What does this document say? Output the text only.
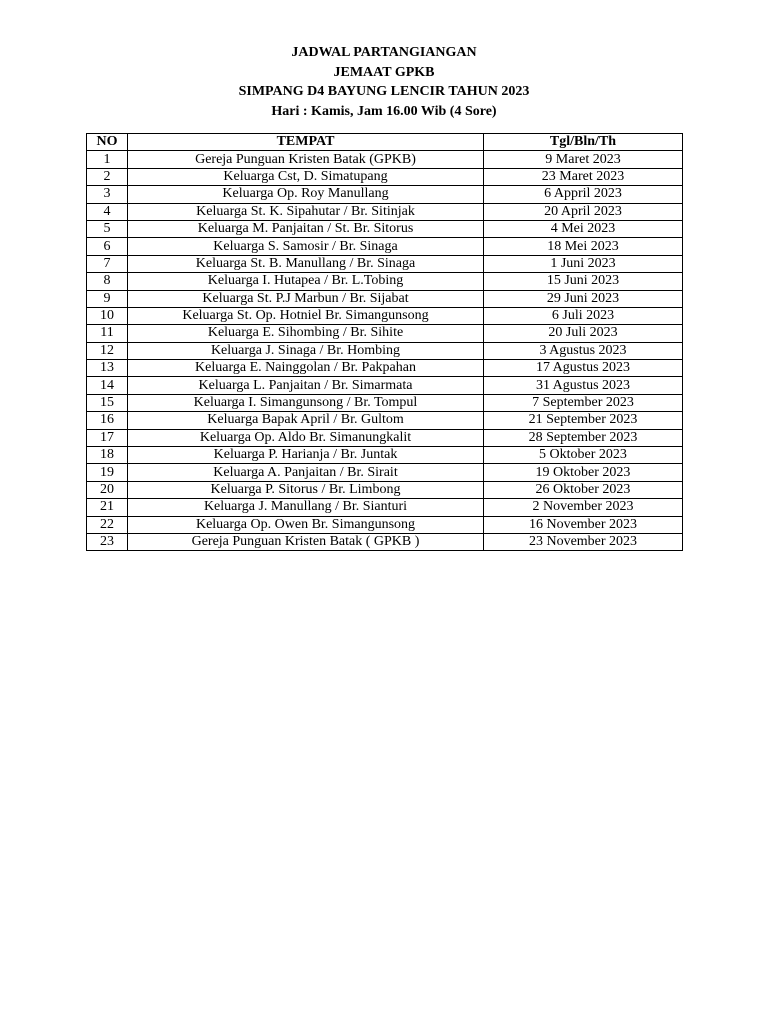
JADWAL PARTANGIANGAN
JEMAAT GPKB
SIMPANG D4 BAYUNG LENCIR TAHUN 2023
Hari : Kamis, Jam 16.00 Wib (4 Sore)
NO	TEMPAT	Tgl/Bln/Th
1	Gereja Punguan Kristen Batak (GPKB)	9 Maret 2023
2	Keluarga Cst, D. Simatupang	23 Maret 2023
3	Keluarga Op. Roy Manullang	6 Appril 2023
4	Keluarga St. K. Sipahutar / Br. Sitinjak	20 April 2023
5	Keluarga M. Panjaitan / St. Br. Sitorus	4 Mei 2023
6	Keluarga S. Samosir / Br. Sinaga	18 Mei 2023
7	Keluarga St. B. Manullang / Br. Sinaga	1 Juni 2023
8	Keluarga I. Hutapea / Br. L.Tobing	15 Juni 2023
9	Keluarga St. P.J Marbun / Br. Sijabat	29 Juni 2023
10	Keluarga St. Op. Hotniel Br. Simangunsong	6 Juli 2023
11	Keluarga E. Sihombing / Br. Sihite	20 Juli 2023
12	Keluarga J. Sinaga / Br. Hombing	3 Agustus 2023
13	Keluarga E. Nainggolan / Br. Pakpahan	17 Agustus 2023
14	Keluarga L. Panjaitan / Br. Simarmata	31 Agustus 2023
15	Keluarga I. Simangunsong / Br. Tompul	7 September 2023
16	Keluarga Bapak April / Br. Gultom	21 September 2023
17	Keluarga Op. Aldo Br. Simanungkalit	28 September 2023
18	Keluarga P. Harianja / Br. Juntak	5 Oktober 2023
19	Keluarga A. Panjaitan / Br. Sirait	19 Oktober 2023
20	Keluarga P. Sitorus / Br. Limbong	26 Oktober 2023
21	Keluarga J. Manullang / Br. Sianturi	2 November 2023
22	Keluarga Op. Owen Br. Simangunsong	16 November 2023
23	Gereja Punguan Kristen Batak ( GPKB )	23 November 2023
